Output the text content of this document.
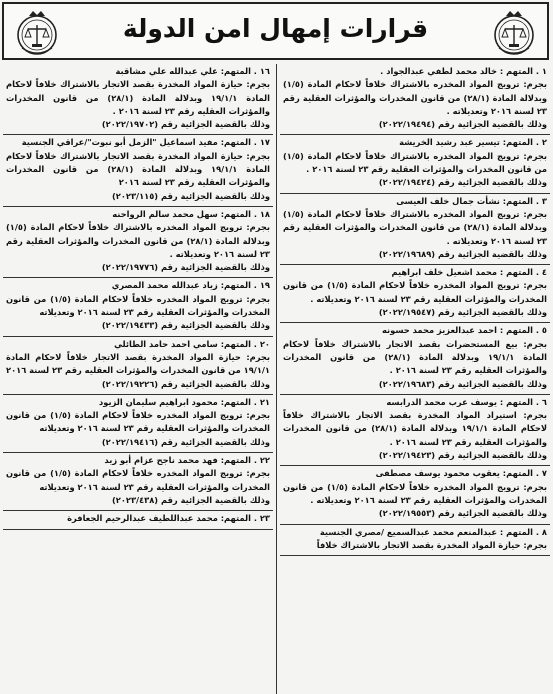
قرارات إمهال امن الدولة
١ . المتهم : خالد محمد لطفي عبدالجواد .
بجرم: ترويج المواد المخدره بالاشتراك خلافاً لاحكام المادة (١/٥) وبدلالة المادة (٢٨/١) من قانون المخدرات والمؤثرات العقلية رقم ٢٣ لسنة ٢٠١٦ وتعديلاته .
وذلك بالقضية الجزائية رقم (٢٠٢٢/١٩٤٩٤)
٢ . المتهم: تيسير عبد رشيد الخريشة
بجرم: ترويج المواد المخدره بالاشتراك خلافاً لاحكام المادة (١/٥) من قانون المخدرات والمؤثرات العقلية رقم ٢٣ لسنة ٢٠١٦ .
وذلك بالقضية الجزائية رقم (٢٠٢٢/١٩٤٢٤)
٣ . المتهم: نشأت جمال خلف العيسى
بجرم: ترويج المواد المخدره بالاشتراك خلافاً لاحكام المادة (١/٥) وبدلالة المادة (٢٨/١) من قانون المخدرات والمؤثرات العقلية رقم ٢٣ لسنة ٢٠١٦ وتعديلاته .
وذلك بالقضية الجزائية رقم (٢٠٢٢/١٩٦٨٩)
٤ . المتهم : محمد اشعيل خلف ابراهيم
بجرم: ترويج المواد المخدره خلافاً لاحكام المادة (١/٥) من قانون المخدرات والمؤثرات العقلية رقم ٢٣ لسنة ٢٠١٦ وتعديلاته .
وذلك بالقضية الجزائية رقم (٢٠٢٢/١٩٥٤٧)
٥ . المتهم : احمد عبدالعزيز محمد حسونه
بجرم: بيع المستحضرات بقصد الاتجار بالاشتراك خلافاً لاحكام المادة ١٩/١/١ وبدلالة المادة (٢٨/١) من قانون المخدرات والمؤثرات العقليه رقم ٢٣ لسنة ٢٠١٦ .
وذلك بالقضية الجزائية رقم (٢٠٢٢/١٩٦٨٣)
٦ . المتهم : يوسف عرب محمد الدرابسه
بجرم: استيراد المواد المخدرة بقصد الاتجار بالاشتراك خلافاً لاحكام المادة ١٩/١/١ وبدلالة المادة (٢٨/١) من قانون المخدرات والمؤثرات العقلية رقم ٢٣ لسنة ٢٠١٦ .
وذلك بالقضية الجزائية رقم (٢٠٢٢/١٩٤٢٣)
٧ . المتهم: يعقوب محمود يوسف مصطفى
بجرم: ترويج المواد المخدره خلافاً لاحكام المادة (١/٥) من قانون المخدرات والمؤثرات العقلية رقم ٢٣ لسنة ٢٠١٦ وتعديلاته .
وذلك بالقضية الجزائية رقم (٢٠٢٢/١٩٥٥٣)
٨ . المتهم : عبدالمنعم محمد عبدالسميع /مصري الجنسية
بجرم: حيازة المواد المخدرة بقصد الاتجار بالاشتراك خلافاً
١٦ . المتهم: علي عبدالله علي مشاقبة
بجرم: حيازة المواد المخدرة بقصد الاتجار بالاشتراك خلافاً لاحكام المادة ١٩/١/١ وبدلالة المادة (٢٨/١) من قانون المخدرات والمؤثرات العقليه رقم ٢٣ لسنة ٢٠١٦ .
وذلك بالقضية الجزائية رقم (٢٠٢٢/١٩٧٠٢)
١٧ . المتهم: مفيد اسماعيل "الزمل أبو نبوت"/عراقي الجنسية
بجرم: حيازة المواد المخدرة بقصد الاتجار بالاشتراك خلافاً لاحكام المادة ١٩/١/١ وبدلالة المادة (٢٨/١) من قانون المخدرات والمؤثرات العقلية رقم ٢٣ لسنة ٢٠١٦
وذلك بالقضية الجزائية رقم (٢٠٢٣/١١٥)
١٨ . المتهم: سهل محمد سالم الرواحنه
بجرم: ترويج المواد المخدره بالاشتراك خلافاً لاحكام المادة (١/٥) وبدلالة المادة (٢٨/١) من قانون المخدرات والمؤثرات العقلية رقم ٢٣ لسنة ٢٠١٦ وتعديلاته .
وذلك بالقضية الجزائية رقم (٢٠٢٢/١٩٧٧٦)
١٩ . المتهم: زياد عبدالله محمد المصري
بجرم: ترويج المواد المخدره خلافاً لاحكام المادة (١/٥) من قانون المخدرات والمؤثرات العقلية رقم ٢٣ لسنة ٢٠١٦ وتعديلاته
وذلك بالقضية الجزائية رقم (٢٠٢٢/١٩٤٣٣)
٢٠ . المتهم: سامي احمد حامد الطائلي
بجرم: حيازة المواد المخدرة بقصد الاتجار خلافاً لاحكام المادة ١٩/١/١ من قانون المخدرات والمؤثرات العقليه رقم ٢٣ لسنة ٢٠١٦
وذلك بالقضية الجزائية رقم (٢٠٢٢/١٩٢٢٦)
٢١ . المتهم: محمود ابراهيم سليمان الزيود
بجرم: ترويج المواد المخدره خلافاً لاحكام المادة (١/٥) من قانون المخدرات والمؤثرات العقلية رقم ٢٣ لسنة ٢٠١٦ وتعديلاته
وذلك بالقضية الجزائية رقم (٢٠٢٢/١٩٤١٦)
٢٢ . المتهم: فهد محمد ناجح عزام أبو زيد
بجرم: ترويج المواد المخدره خلافاً لاحكام المادة (١/٥) من قانون المخدرات والمؤثرات العقلية رقم ٢٣ لسنة ٢٠١٦ وتعديلاته
وذلك بالقضية الجزائية رقم (٢٠٢٣/٤٣٨)
٢٣ . المتهم: محمد عبداللطيف عبدالرحيم الجعافرة
